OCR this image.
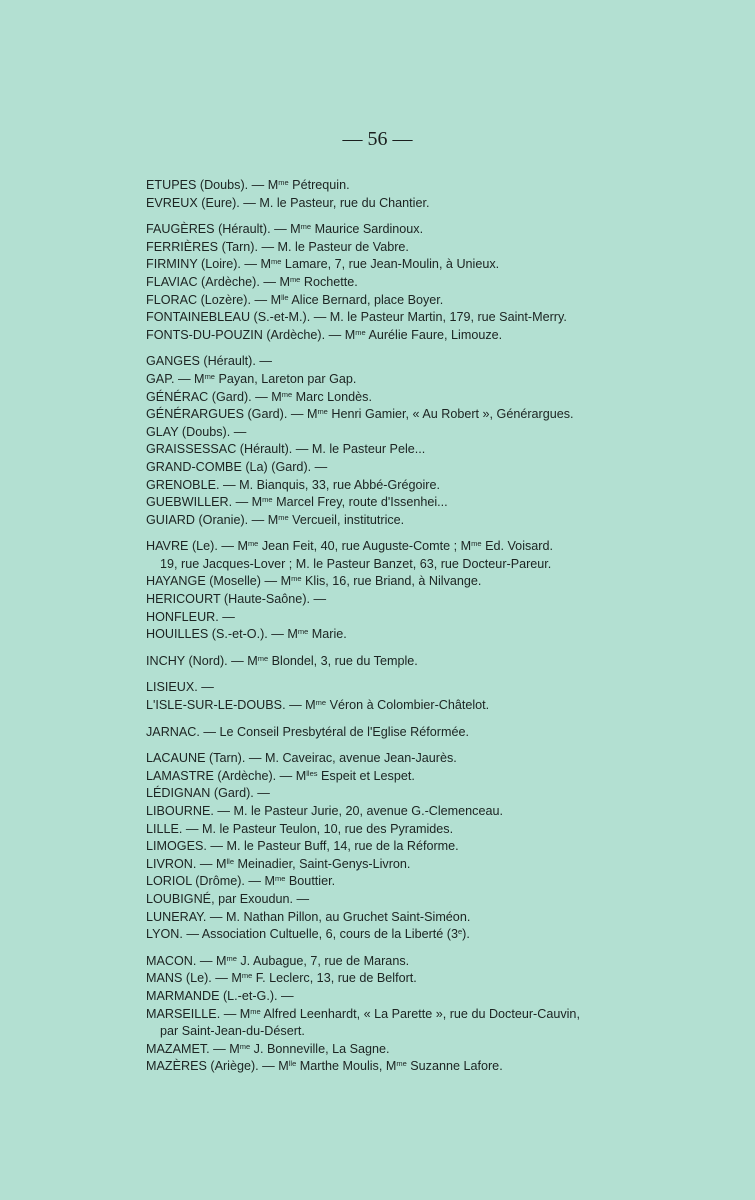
— 56 —
ETUPES (Doubs). — $M^{me}$ Pétrequin.
EVREUX (Eure). — M. le Pasteur, rue du Chantier.
FAUGÈRES (Hérault). — $M^{me}$ Maurice Sardinoux.
FERRIÈRES (Tarn). — M. le Pasteur de Vabre.
FIRMINY (Loire). — $M^{me}$ Lamare, 7, rue Jean-Moulin, à Unieux.
FLAVIAC (Ardèche). — $M^{me}$ Rochette.
FLORAC (Lozère). — $M^{lle}$ Alice Bernard, place Boyer.
FONTAINEBLEAU (S.-et-M.). — M. le Pasteur Martin, 179, rue Saint-Merry.
FONTS-DU-POUZIN (Ardèche). — $M^{me}$ Aurélie Faure, Limouze.
GANGES (Hérault). —
GAP. — $M^{me}$ Payan, Lareton par Gap.
GÉNÉRAC (Gard). — $M^{me}$ Marc Londès.
GÉNÉRARGUES (Gard). — $M^{me}$ Henri Gamier, « Au Robert », Générargues.
GLAY (Doubs). —
GRAISSESSAC (Hérault). — M. le Pasteur Pele...
GRAND-COMBE (La) (Gard). —
GRENOBLE. — M. Bianquis, 33, rue Abbé-Grégoire.
GUEBWILLER. — $M^{me}$ Marcel Frey, route d'Issenhei...
GUIARD (Oranie). — $M^{me}$ Vercueil, institutrice.
HAVRE (Le). — $M^{me}$ Jean Feit, 40, rue Auguste-Comte ; $M^{me}$ Ed. Voisard.
19, rue Jacques-Lover ; M. le Pasteur Banzet, 63, rue Docteur-Pareur.
HAYANGE (Moselle) — $M^{me}$ Klis, 16, rue Briand, à Nilvange.
HERICOURT (Haute-Saône). —
HONFLEUR. —
HOUILLES (S.-et-O.). — $M^{me}$ Marie.
INCHY (Nord). — $M^{me}$ Blondel, 3, rue du Temple.
LISIEUX. —
L'ISLE-SUR-LE-DOUBS. — $M^{me}$ Véron à Colombier-Châtelot.
JARNAC. — Le Conseil Presbytéral de l'Eglise Réformée.
LACAUNE (Tarn). — M. Caveirac, avenue Jean-Jaurès.
LAMASTRE (Ardèche). — $M^{lles}$ Espeit et Lespet.
LÉDIGNAN (Gard). —
LIBOURNE. — M. le Pasteur Jurie, 20, avenue G.-Clemenceau.
LILLE. — M. le Pasteur Teulon, 10, rue des Pyramides.
LIMOGES. — M. le Pasteur Buff, 14, rue de la Réforme.
LIVRON. — $M^{lle}$ Meinadier, Saint-Genys-Livron.
LORIOL (Drôme). — $M^{me}$ Bouttier.
LOUBIGNÉ, par Exoudun. —
LUNERAY. — M. Nathan Pillon, au Gruchet Saint-Siméon.
LYON. — Association Cultuelle, 6, cours de la Liberté (3e).
MACON. — $M^{me}$ J. Aubague, 7, rue de Marans.
MANS (Le). — $M^{me}$ F. Leclerc, 13, rue de Belfort.
MARMANDE (L.-et-G.). —
MARSEILLE. — $M^{me}$ Alfred Leenhardt, « La Parette », rue du Docteur-Cauvin,
par Saint-Jean-du-Désert.
MAZAMET. — $M^{me}$ J. Bonneville, La Sagne.
MAZÈRES (Ariège). — $M^{lle}$ Marthe Moulis, $M^{me}$ Suzanne Lafore.
